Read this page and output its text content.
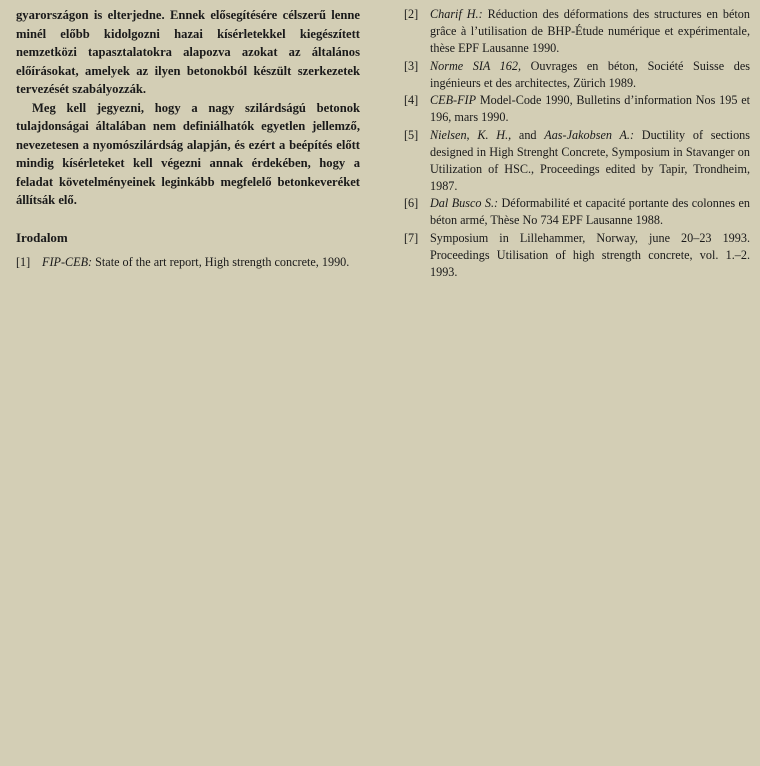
gyarországon is elterjedne. Ennek elősegítésére célszerű lenne minél előbb kidolgozni hazai kísérletekkel kiegészített nemzetközi tapasztalatokra alapozva azokat az általános előírásokat, amelyek az ilyen betonokból készült szerkezetek tervezését szabályozzák.

Meg kell jegyezni, hogy a nagy szilárdságú betonok tulajdonságai általában nem definiálhatók egyetlen jellemző, nevezetesen a nyomószilárdság alapján, és ezért a beépítés előtt mindig kísérleteket kell végezni annak érdekében, hogy a feladat követelményeinek leginkább megfelelő betonkeveréket állítsák elő.

Irodalom
[1] FIP-CEB: State of the art report, High strength concrete, 1990.
[2] Charif H.: Réduction des déformations des structures en béton grâce à l’utilisation de BHP-Étude numérique et expérimentale, thèse EPF Lausanne 1990.
[3] Norme SIA 162, Ouvrages en béton, Société Suisse des ingénieurs et des architectes, Zürich 1989.
[4] CEB-FIP Model-Code 1990, Bulletins d’information Nos 195 et 196, mars 1990.
[5] Nielsen, K. H., and Aas-Jakobsen A.: Ductility of sections designed in High Strenght Concrete, Symposium in Stavanger on Utilization of HSC., Proceedings edited by Tapir, Trondheim, 1987.
[6] Dal Busco S.: Déformabilité et capacité portante des colonnes en béton armé, Thèse No 734 EPF Lausanne 1988.
[7] Symposium in Lillehammer, Norway, june 20–23 1993. Proceedings Utilisation of high strength concrete, vol. 1.–2. 1993.
